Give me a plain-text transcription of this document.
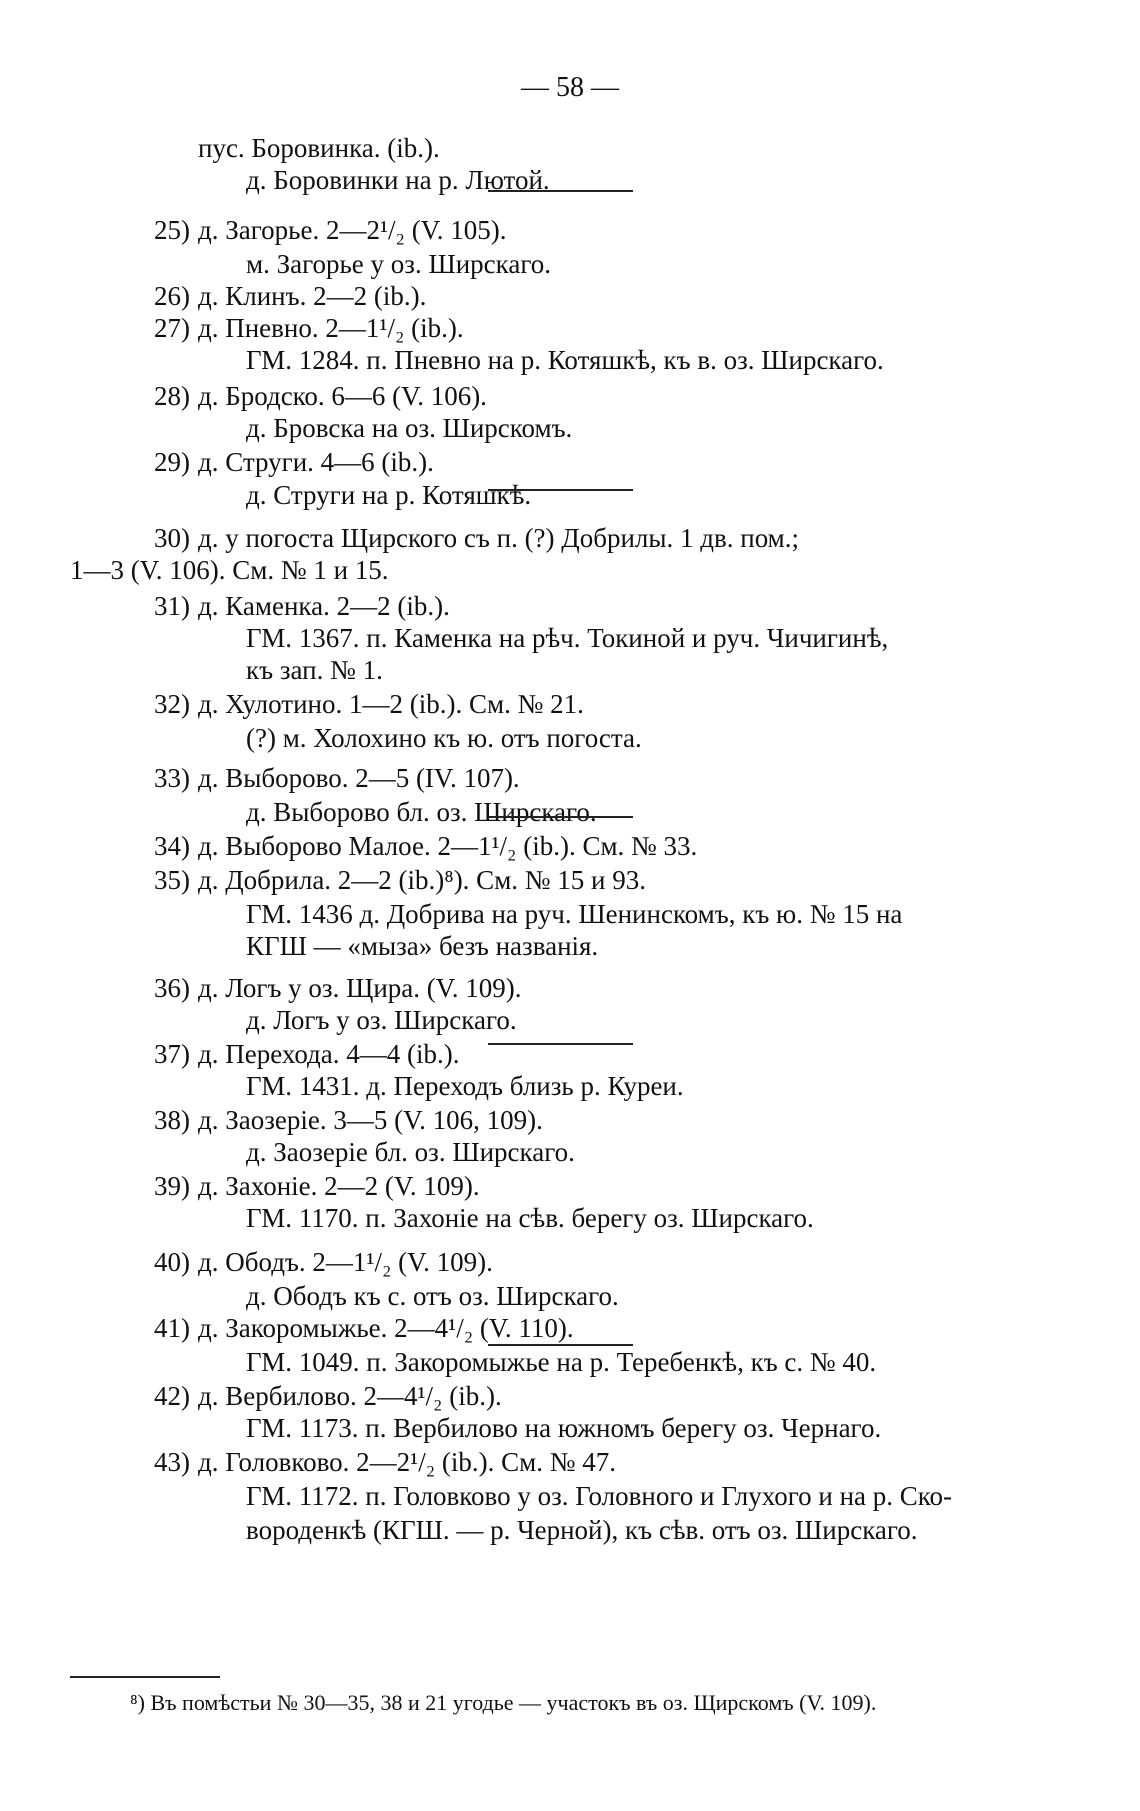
— 58 —
пус. Боровинка. (ib.).
д. Боровинки на р. Лютой.
25) д. Загорье. 2—2¹/₂ (V. 105).
м. Загорье у оз. Ширскаго.
26) д. Клинъ. 2—2 (ib.).
27) д. Пневно. 2—1¹/₂ (ib.).
ГМ. 1284. п. Пневно на р. Котяшкѣ, къ в. оз. Ширскаго.
28) д. Бродско. 6—6 (V. 106).
д. Бровска на оз. Ширскомъ.
29) д. Струги. 4—6 (ib.).
д. Струги на р. Котяшкѣ.
30) д. у погоста Щирского съ п. (?) Добрилы. 1 дв. пом.;
1—3 (V. 106). См. № 1 и 15.
31) д. Каменка. 2—2 (ib.).
ГМ. 1367. п. Каменка на рѣч. Токиной и руч. Чичигинѣ,
къ зап. № 1.
32) д. Хулотино. 1—2 (ib.). См. № 21.
(?) м. Холохино къ ю. отъ погоста.
33) д. Выборово. 2—5 (IV. 107).
д. Выборово бл. оз. Ширскаго.
34) д. Выборово Малое. 2—1¹/₂ (ib.). См. № 33.
35) д. Добрила. 2—2 (ib.)⁸). См. № 15 и 93.
ГМ. 1436 д. Добрива на руч. Шенинскомъ, къ ю. № 15 на
КГШ — «мыза» безъ названія.
36) д. Логъ у оз. Щира. (V. 109).
д. Логъ у оз. Ширскаго.
37) д. Перехода. 4—4 (ib.).
ГМ. 1431. д. Переходъ близь р. Куреи.
38) д. Заозеріе. 3—5 (V. 106, 109).
д. Заозеріе бл. оз. Ширскаго.
39) д. Захоніе. 2—2 (V. 109).
ГМ. 1170. п. Захоніе на сѣв. берегу оз. Ширскаго.
40) д. Ободъ. 2—1¹/₂ (V. 109).
д. Ободъ къ с. отъ оз. Ширскаго.
41) д. Закоромыжье. 2—4¹/₂ (V. 110).
ГМ. 1049. п. Закоромыжье на р. Теребенкѣ, къ с. № 40.
42) д. Вербилово. 2—4¹/₂ (ib.).
ГМ. 1173. п. Вербилово на южномъ берегу оз. Чернаго.
43) д. Головково. 2—2¹/₂ (ib.). См. № 47.
ГМ. 1172. п. Головково у оз. Головного и Глухого и на р. Ско-
вороденкѣ (КГШ. — р. Черной), къ сѣв. отъ оз. Ширскаго.
⁸) Въ помѣстьи № 30—35, 38 и 21 угодье — участокъ въ оз. Щирскомъ (V. 109).
